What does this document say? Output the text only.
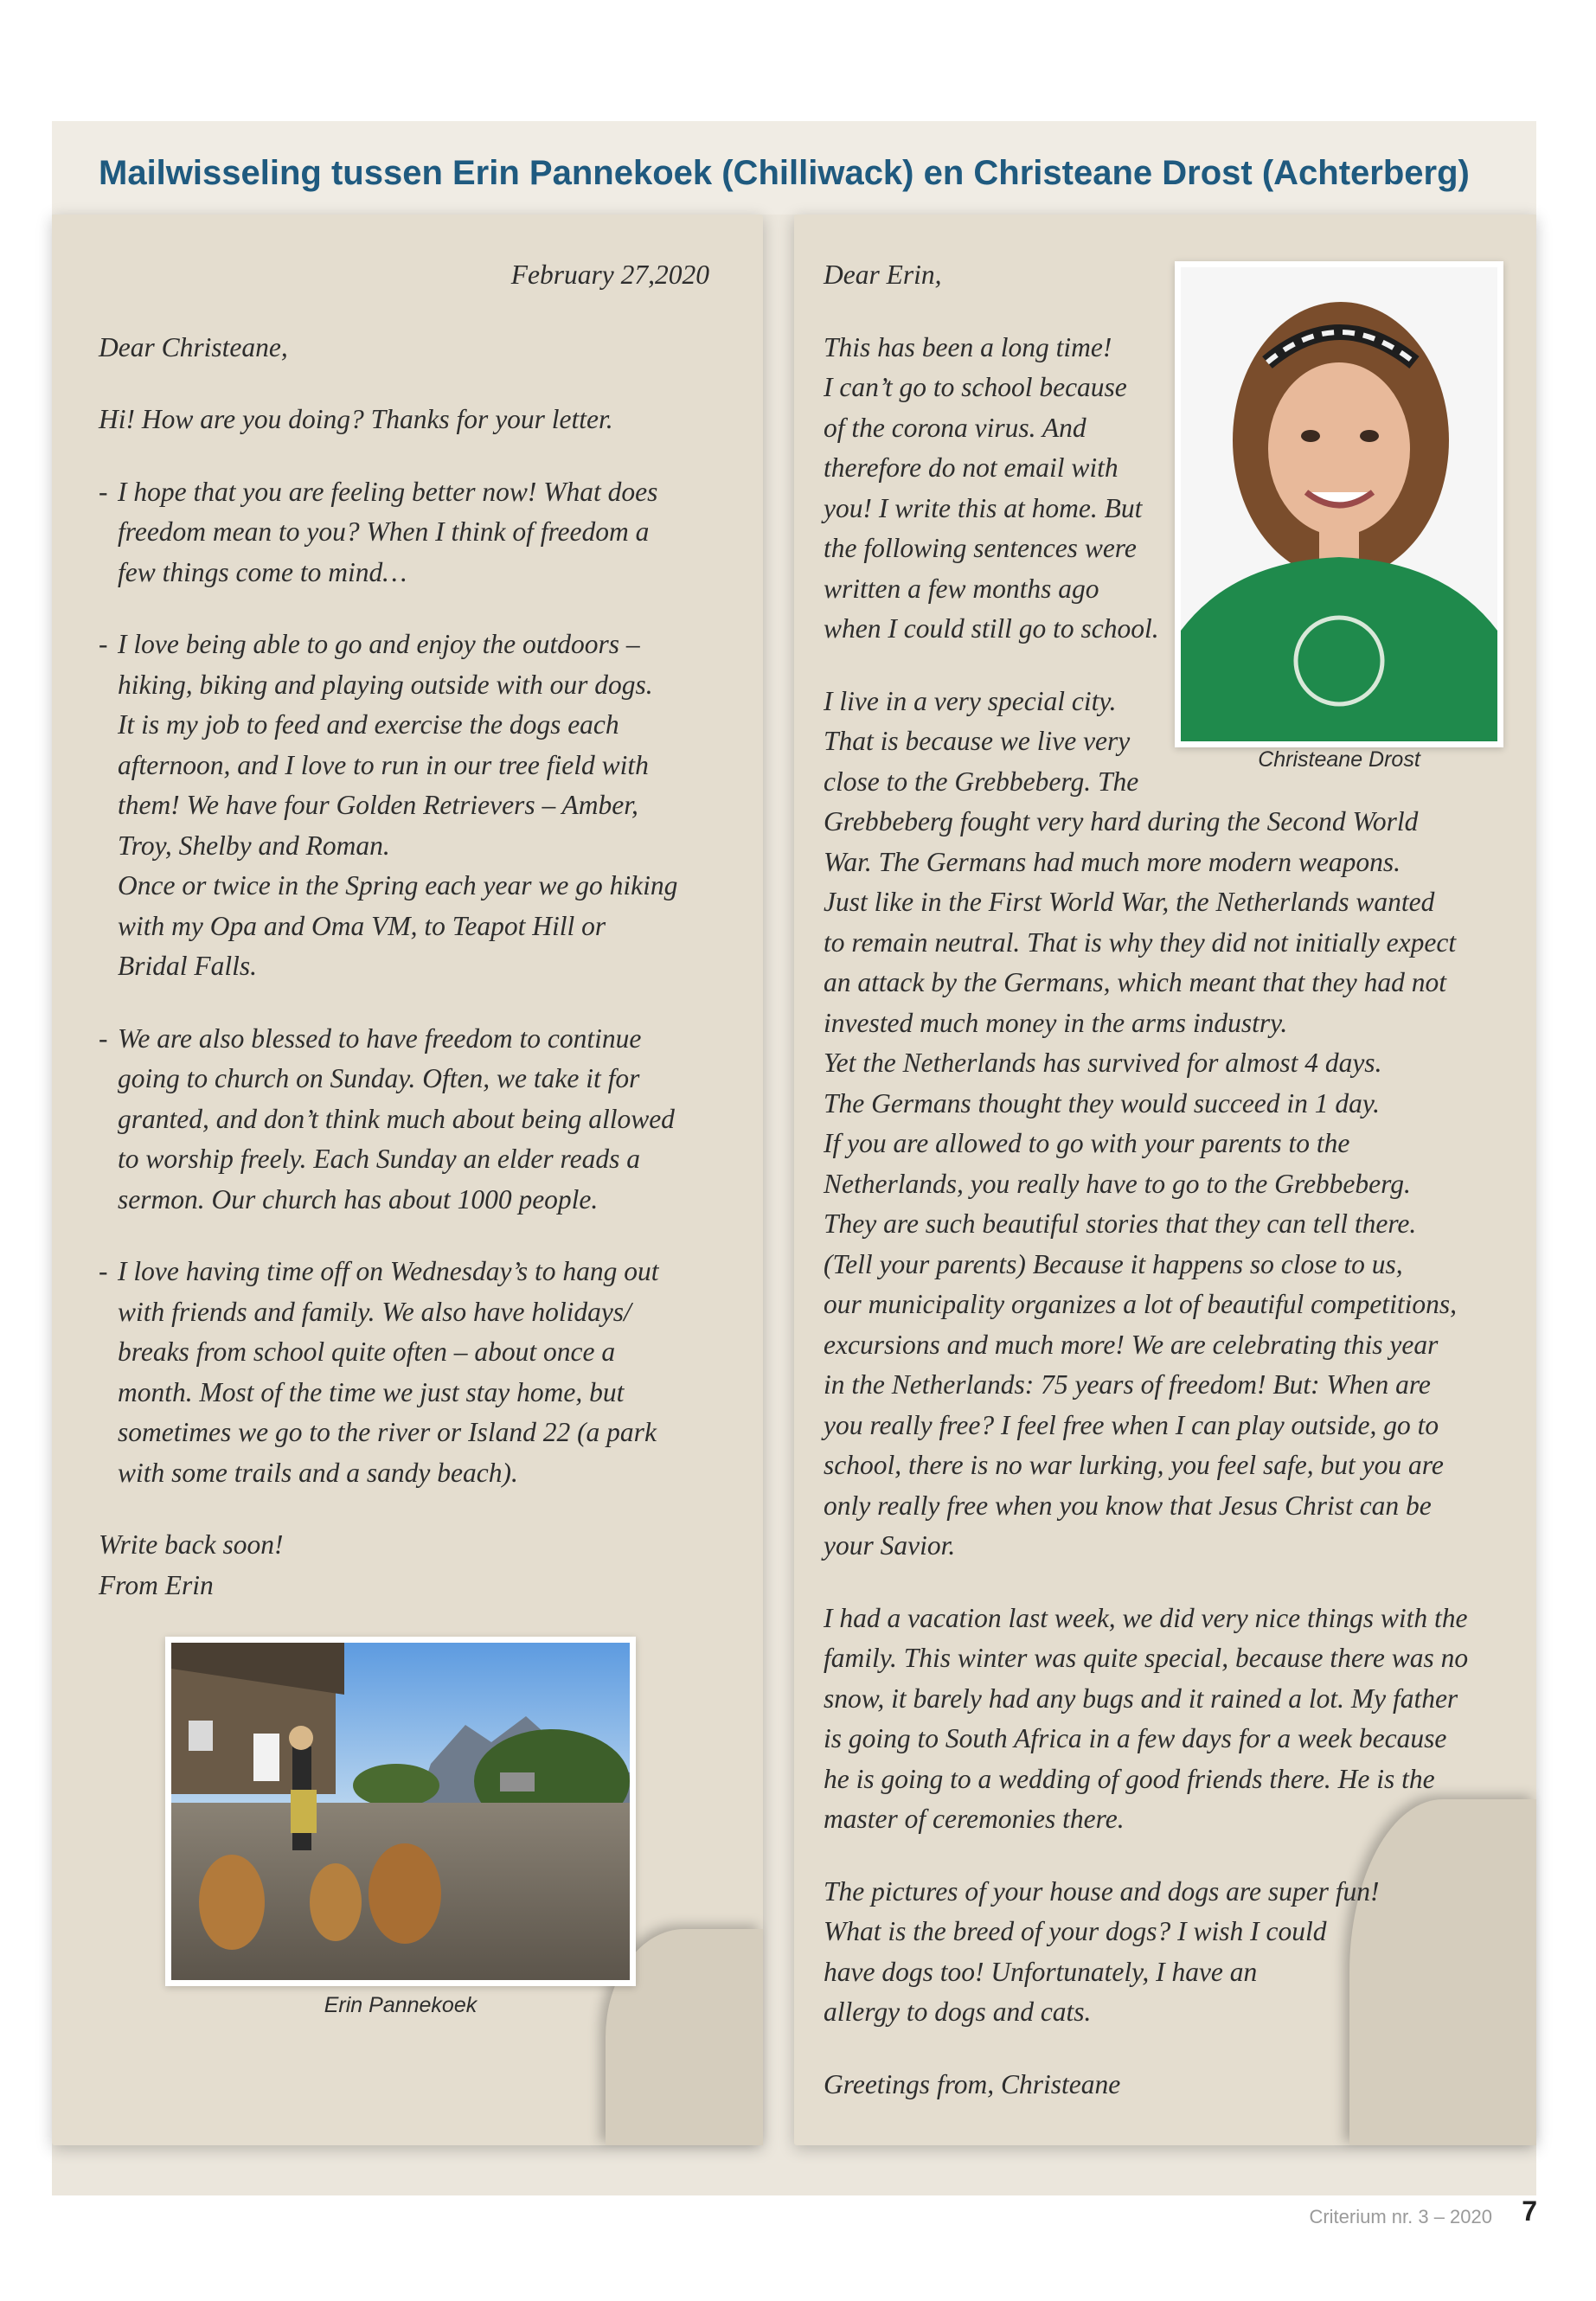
Mailwisseling tussen Erin Pannekoek (Chilliwack) en Christeane Drost (Achterberg)

February 27,2020

Dear Christeane,

Hi! How are you doing? Thanks for your letter.

- I hope that you are feeling better now! What does
freedom mean to you? When I think of freedom a
few things come to mind…

- I love being able to go and enjoy the outdoors –
hiking, biking and playing outside with our dogs.
It is my job to feed and exercise the dogs each
afternoon, and I love to run in our tree field with
them! We have four Golden Retrievers – Amber,
Troy, Shelby and Roman.
Once or twice in the Spring each year we go hiking
with my Opa and Oma VM, to Teapot Hill or
Bridal Falls.

- We are also blessed to have freedom to continue
going to church on Sunday. Often, we take it for
granted, and don’t think much about being allowed
to worship freely. Each Sunday an elder reads a
sermon. Our church has about 1000 people.

- I love having time off on Wednesday’s to hang out
with friends and family. We also have holidays/
breaks from school quite often – about once a
month. Most of the time we just stay home, but
sometimes we go to the river or Island 22 (a park
with some trails and a sandy beach).

Write back soon!
From Erin

Erin Pannekoek

Dear Erin,

This has been a long time!
I can’t go to school because
of the corona virus. And
therefore do not email with
you! I write this at home. But
the following sentences were
written a few months ago
when I could still go to school.

I live in a very special city.
That is because we live very
close to the Grebbeberg. The
Grebbeberg fought very hard during the Second World
War. The Germans had much more modern weapons.
Just like in the First World War, the Netherlands wanted
to remain neutral. That is why they did not initially expect
an attack by the Germans, which meant that they had not
invested much money in the arms industry.
Yet the Netherlands has survived for almost 4 days.
The Germans thought they would succeed in 1 day.
If you are allowed to go with your parents to the
Netherlands, you really have to go to the Grebbeberg.
They are such beautiful stories that they can tell there.
(Tell your parents) Because it happens so close to us,
our municipality organizes a lot of beautiful competitions,
excursions and much more! We are celebrating this year
in the Netherlands: 75 years of freedom! But: When are
you really free? I feel free when I can play outside, go to
school, there is no war lurking, you feel safe, but you are
only really free when you know that Jesus Christ can be
your Savior.

I had a vacation last week, we did very nice things with the
family. This winter was quite special, because there was no
snow, it barely had any bugs and it rained a lot. My father
is going to South Africa in a few days for a week because
he is going to a wedding of good friends there. He is the
master of ceremonies there.

The pictures of your house and dogs are super fun!
What is the breed of your dogs? I wish I could
have dogs too! Unfortunately, I have an
allergy to dogs and cats.

Greetings from, Christeane

Christeane Drost
Criterium nr. 3 – 2020 7
